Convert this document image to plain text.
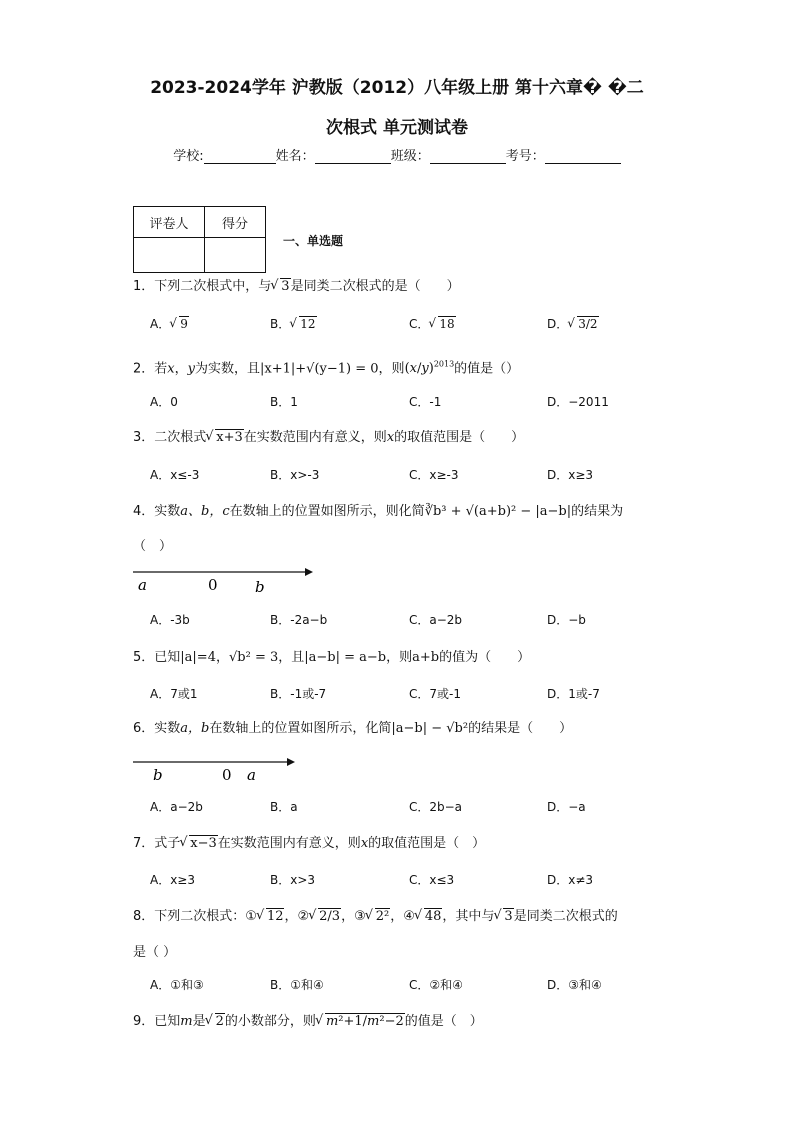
2023-2024学年 沪教版（2012）八年级上册 第十六章� �二
次根式 单元测试卷
学校:	姓名：	班级：	考号：
评卷人	得分

一、单选题
1．下列二次根式中，与 √ 3是同类二次根式的是（　　）
A． √ 9	B． √ 12	C． √ 18	D． √ 3/2
2．若x，y为实数，且|x+1|+√(y−1) = 0，则$(x/y)^{2013}$的值是（）
A．0	B．1	C．-1	D．−2011
3．二次根式 √ x+3在实数范围内有意义，则x的取值范围是（　　）
A．x≤-3	B．x>-3	C．x≥-3	D．x≥3
4．实数a、b，c在数轴上的位置如图所示，则化简∛b³ + √(a+b)² − |a−b|的结果为
（　）
a	0 b
A．-3b	B．-2a−b	C．a−2b	D．−b
5．已知|a|=4，√b² = 3，且|a−b| = a−b，则a+b的值为（　　）
A．7或1	B．-1或-7	C．7或-1	D．1或-7
6．实数a，b在数轴上的位置如图所示，化简|a−b| − √b²的结果是（　　）
b	0 a
A．a−2b	B．a	C．2b−a	D．−a
7．式子 √ x−3在实数范围内有意义，则x的取值范围是（　）
A．x≥3	B．x>3	C．x≤3	D．x≠3
8．下列二次根式：① √ 12，② √ 2/3，③ √ 2²，④ √ 48，其中与 √ 3是同类二次根式的
是（ ）
A．①和③	B．①和④	C．②和④	D．③和④
9．已知m是 √ 2的小数部分，则 √ m²+1/m²−2的值是（　）
